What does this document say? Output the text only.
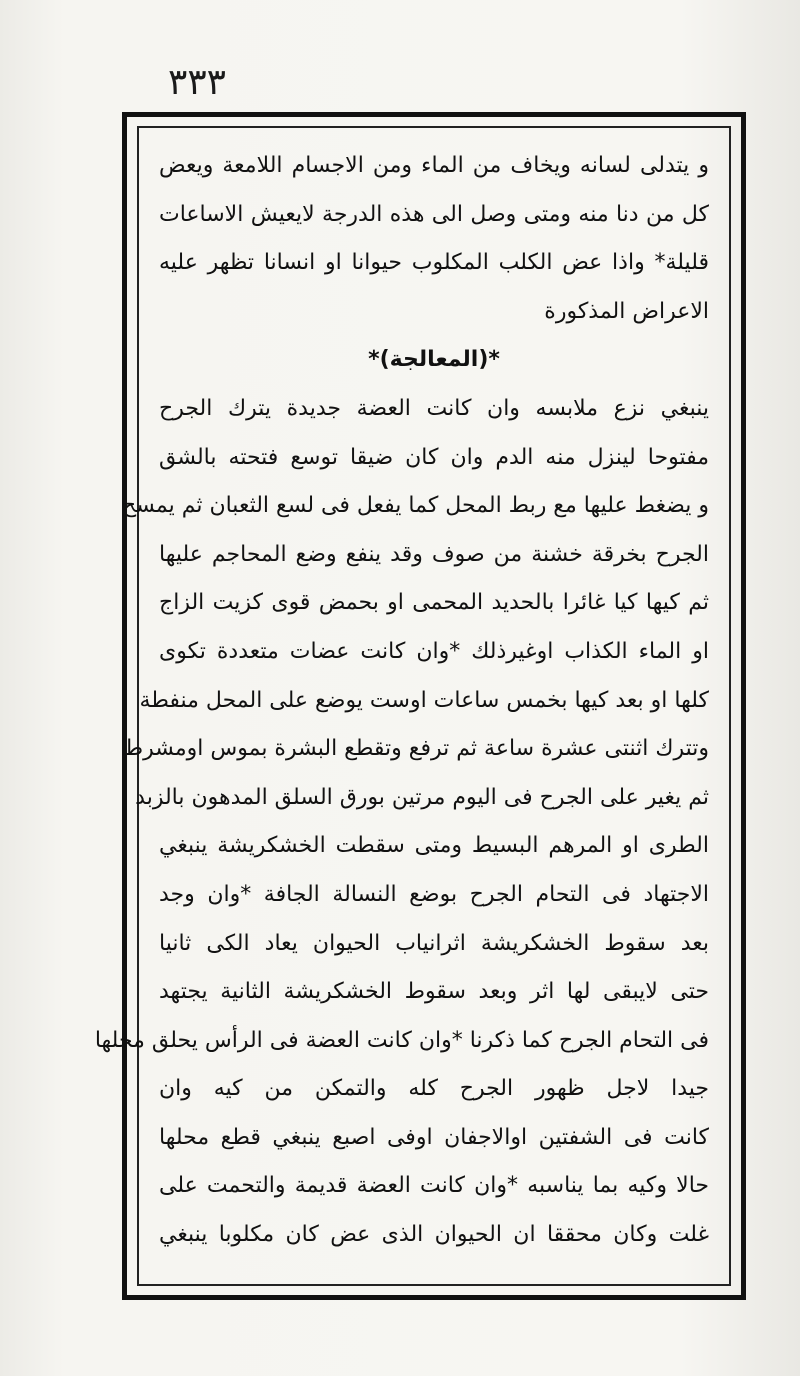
٣٣٣
و يتدلى لسانه ويخاف من الماء ومن الاجسام اللامعة ويعض
كل من دنا منه ومتى وصل الى هذه الدرجة لايعيش الاساعات
قليلة* واذا عض الكلب المكلوب حيوانا او انسانا تظهر عليه
الاعراض المذكورة
*(المعالجة)*
ينبغي نزع ملابسه وان كانت العضة جديدة يترك الجرح
مفتوحا لينزل منه الدم وان كان ضيقا توسع فتحته بالشق
و يضغط عليها مع ربط المحل كما يفعل فى لسع الثعبان ثم يمسح
الجرح بخرقة خشنة من صوف وقد ينفع وضع المحاجم عليها
ثم كيها كيا غائرا بالحديد المحمى او بحمض قوى كزيت الزاج
او الماء الكذاب اوغيرذلك *وان كانت عضات متعددة تكوى
كلها او بعد كيها بخمس ساعات اوست يوضع على المحل منفطة
وتترك اثنتى عشرة ساعة ثم ترفع وتقطع البشرة بموس اومشرط
ثم يغير على الجرح فى اليوم مرتين بورق السلق المدهون بالزبد
الطرى او المرهم البسيط ومتى سقطت الخشكريشة ينبغي
الاجتهاد فى التحام الجرح بوضع النسالة الجافة *وان وجد
بعد سقوط الخشكريشة اثرانياب الحيوان يعاد الكى ثانيا
حتى لايبقى لها اثر وبعد سقوط الخشكريشة الثانية يجتهد
فى التحام الجرح كما ذكرنا *وان كانت العضة فى الرأس يحلق محلها
جيدا لاجل ظهور الجرح كله والتمكن من كيه وان
كانت فى الشفتين اوالاجفان اوفى اصبع ينبغي قطع محلها
حالا وكيه بما يناسبه *وان كانت العضة قديمة والتحمت على
غلت وكان محققا ان الحيوان الذى عض كان مكلوبا ينبغي
